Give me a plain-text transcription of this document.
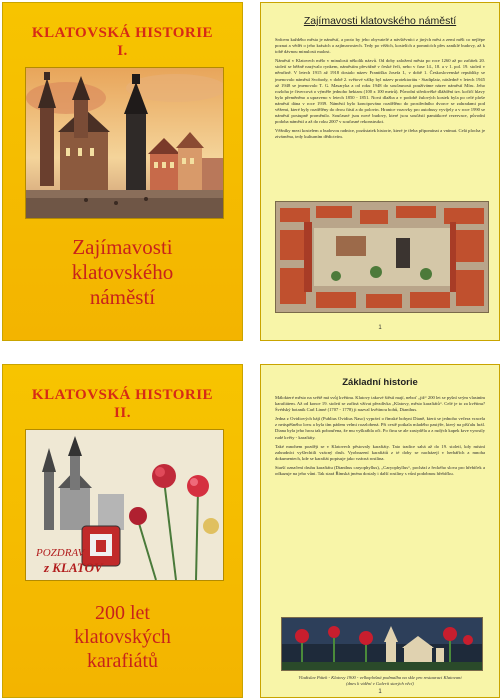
KLATOVSKÁ HISTORIE
I.
Zajímavosti
klatovského
náměstí
Zajímavosti klatovského náměstí

Srdcem každého města je náměstí, a proto by jeho obyvatelé a návštěvníci z jiných měst a zemí měli co nejlépe poznat a vědět o jeho krásách a zajímavostech. Tedy po věžích, kostelích a pomnících přes zaniklé budovy, až k tobě dávnou minulosti malost.

Náměstí v Klatovech mělo v minulosti několik názvů. Od doby založení města po roce 1260 až po začátek 20. století se běžně nazývalo rynkem, náměstím převážně v české řeči, nebo v čase 14., 18. a v 1. pol. 19. století v němčině. V letech 1915 až 1918 dostalo název Františka Josefa I., v době 1. Československé republiky se jmenovalo náměstí Svobody, v době 2. světové války byl název protektorátu - Stadtplatz, následně v letech 1945 až 1948 se jmenovalo T. G. Masaryka a od roku 1948 do současnosti používáme název náměstí Míru. Jeho rozloha je čtvercová o výměře jednoho hektaru (100 x 100 metrů). Původní středověké dláždění tzv. kočičí hlavy bylo přeměněno a upraveno v letech 1850 - 1851. Nová dlažba a v podobě žulových kostek byla po celé ploše náměstí dána v roce 1939. Náměstí bylo koncipováno rozdělěno do prostředního dvorce se zahradami pod věžemi, které byly rozdělěny do dvou částí a do polovin. Hranice vozovky pro autobusy vyvíjely a v roce 1990 se náměstí postupně proměnilo. Současné jsou nové budovy, které jsou součástí památkové rezervace, původní podoba náměstí a až do roku 2007 v současné rekonstrukci.

Věžníky mezi kostelem a budovou radnice, pozůstatek historie, které je třeba připomínat a vnímat. Celá plocha je ztvárněna, tedy kulturním dědictvím.

1
KLATOVSKÁ HISTORIE
II.
POZDRAV
z KLATOV
200 let
klatovských
karafiátů
Základní historie

Málokteré město na světě má svůj květinu. Klatovy takové štěstí mají, neboť „již“ 200 let se pyšní svým vlastním karafiátem. Až od konce 19. století se začíná vžívat přezdívka „Klatovy, město karafiátů“. Celé je to za květinu? Švédský botanik Carl Linné (1707 - 1778) ji nazval květinou bohů, Dianthus.

Jedna z Ovidiových bájí (Publius Ovidius Naso) vypráví o římské bohyni Dianě, která se jednoho večera vracela z neúspěšného lovu a byla tím pádem velmi rozzlobená. Při cestě potkala mladého pastýře, který na píšťalu hrál. Diana byla jeho hrou tak pobouřena, že mu vyškrábla oči. Po činu se ale zastyděla a z rudých kapek krve vyrostly rudé květy - karafiáty.

Také mnohem později se v Klatovech pěstovaly karafiáty. Tato tradice sahá až do 19. století, kdy místní zahradníci vyšlechtili vzácný druh. Vyobrazení karafiátů z té doby se nacházejí v herbářích a mnoha dokumentech, kde se karafiát popisuje jako vzácná rostlina.

Starší označení druhu karafiátu (Dianthus caryophyllus), „Caryophyllus“, pochází z řeckého slova pro hřebíček a odkazuje na jeho vůni. Tak stará Římská jména dostaly i další rostliny s vůní podobnou hřebíčku.

Vladislav Pátek - Klatovy 1900 - velkoplošná podmalba na skle pro restauraci Klatovani
(dnes k vidění v Galerii starých věcí)
1
